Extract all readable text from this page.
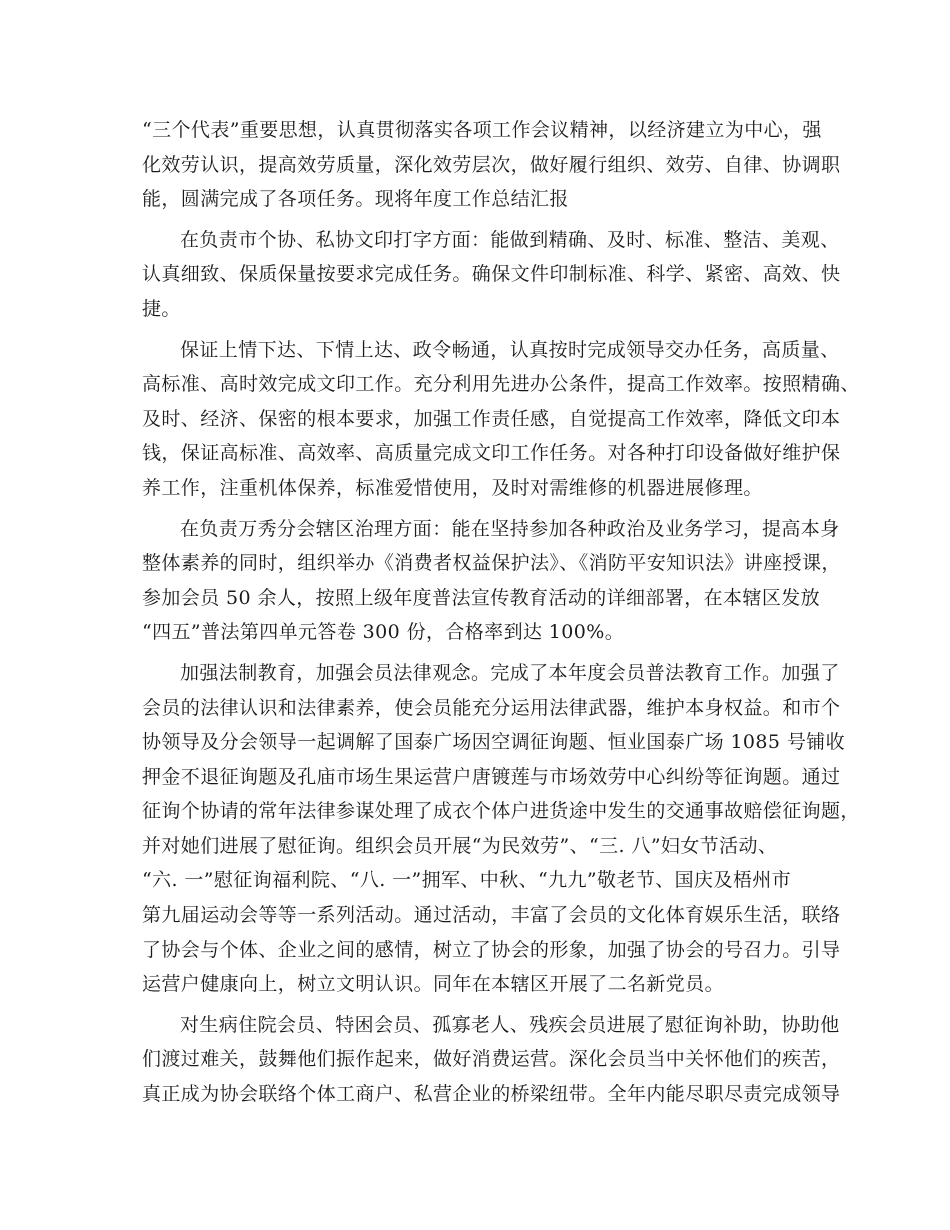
“三个代表”重要思想，认真贯彻落实各项工作会议精神，以经济建立为中心，强
化效劳认识，提高效劳质量，深化效劳层次，做好履行组织、效劳、自律、协调职
能，圆满完成了各项任务。现将年度工作总结汇报
在负责市个协、私协文印打字方面：能做到精确、及时、标准、整洁、美观、
认真细致、保质保量按要求完成任务。确保文件印制标准、科学、紧密、高效、快
捷。
保证上情下达、下情上达、政令畅通，认真按时完成领导交办任务，高质量、
高标准、高时效完成文印工作。充分利用先进办公条件，提高工作效率。按照精确、
及时、经济、保密的根本要求，加强工作责任感，自觉提高工作效率，降低文印本
钱，保证高标准、高效率、高质量完成文印工作任务。对各种打印设备做好维护保
养工作，注重机体保养，标准爱惜使用，及时对需维修的机器进展修理。
在负责万秀分会辖区治理方面：能在坚持参加各种政治及业务学习，提高本身
整体素养的同时，组织举办《消费者权益保护法》、《消防平安知识法》讲座授课，
参加会员 50 余人，按照上级年度普法宣传教育活动的详细部署，在本辖区发放
“四五”普法第四单元答卷 300 份，合格率到达 100%。
加强法制教育，加强会员法律观念。完成了本年度会员普法教育工作。加强了
会员的法律认识和法律素养，使会员能充分运用法律武器，维护本身权益。和市个
协领导及分会领导一起调解了国泰广场因空调征询题、恒业国泰广场 1085 号铺收
押金不退征询题及孔庙市场生果运营户唐镀莲与市场效劳中心纠纷等征询题。通过
征询个协请的常年法律参谋处理了成衣个体户进货途中发生的交通事故赔偿征询题，
并对她们进展了慰征询。组织会员开展“为民效劳”、“三. 八”妇女节活动、
“六. 一”慰征询福利院、“八. 一”拥军、中秋、“九九”敬老节、国庆及梧州市
第九届运动会等等一系列活动。通过活动，丰富了会员的文化体育娱乐生活，联络
了协会与个体、企业之间的感情，树立了协会的形象，加强了协会的号召力。引导
运营户健康向上，树立文明认识。同年在本辖区开展了二名新党员。
对生病住院会员、特困会员、孤寡老人、残疾会员进展了慰征询补助，协助他
们渡过难关，鼓舞他们振作起来，做好消费运营。深化会员当中关怀他们的疾苦，
真正成为协会联络个体工商户、私营企业的桥梁纽带。全年内能尽职尽责完成领导
